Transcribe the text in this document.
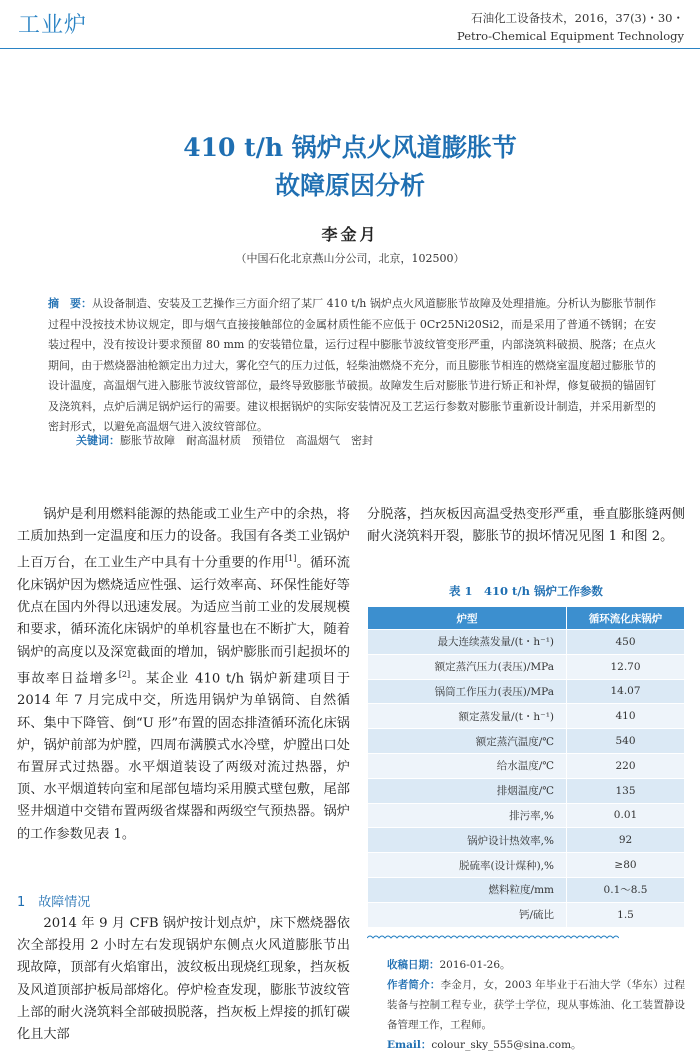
工业炉	石油化工设备技术，2016，37(3)・30・
Petro-Chemical Equipment Technology
410 t/h 锅炉点火风道膨胀节
故障原因分析
李金月
（中国石化北京燕山分公司，北京，102500）
摘　要：从设备制造、安装及工艺操作三方面介绍了某厂 410 t/h 锅炉点火风道膨胀节故障及处理措施。分析认为膨胀节制作过程中没按技术协议规定，即与烟气直接接触部位的金属材质性能不应低于 0Cr25Ni20Si2，而是采用了普通不锈钢；在安装过程中，没有按设计要求预留 80 mm 的安装错位量，运行过程中膨胀节波纹管变形严重，内部浇筑料破损、脱落；在点火期间，由于燃烧器油枪额定出力过大，雾化空气的压力过低，轻柴油燃烧不充分，而且膨胀节相连的燃烧室温度超过膨胀节的设计温度，高温烟气进入膨胀节波纹管部位，最终导致膨胀节破损。故障发生后对膨胀节进行矫正和补焊，修复破损的锚固钉及浇筑料，点炉后满足锅炉运行的需要。建议根据锅炉的实际安装情况及工艺运行参数对膨胀节重新设计制造，并采用新型的密封形式，以避免高温烟气进入波纹管部位。
关键词：膨胀节故障　耐高温材质　预错位　高温烟气　密封
锅炉是利用燃料能源的热能或工业生产中的余热，将工质加热到一定温度和压力的设备。我国有各类工业锅炉上百万台，在工业生产中具有十分重要的作用[1]。循环流化床锅炉因为燃烧适应性强、运行效率高、环保性能好等优点在国内外得以迅速发展。为适应当前工业的发展规模和要求，循环流化床锅炉的单机容量也在不断扩大，随着锅炉的高度以及深宽截面的增加，锅炉膨胀而引起损坏的事故率日益增多[2]。某企业 410 t/h 锅炉新建项目于 2014 年 7 月完成中交，所选用锅炉为单锅筒、自然循环、集中下降管、倒“U 形”布置的固态排渣循环流化床锅炉，锅炉前部为炉膛，四周布满膜式水冷壁，炉膛出口处布置屏式过热器。水平烟道装设了两级对流过热器，炉顶、水平烟道转向室和尾部包墙均采用膜式壁包敷，尾部竖井烟道中交错布置两级省煤器和两级空气预热器。锅炉的工作参数见表 1。
1　故障情况
2014 年 9 月 CFB 锅炉按计划点炉，床下燃烧器依次全部投用 2 小时左右发现锅炉东侧点火风道膨胀节出现故障，顶部有火焰窜出，波纹板出现烧红现象，挡灰板及风道顶部护板局部熔化。停炉检查发现，膨胀节波纹管上部的耐火浇筑料全部破损脱落，挡灰板上焊接的抓钉碳化且大部
分脱落，挡灰板因高温受热变形严重，垂直膨胀缝两侧耐火浇筑料开裂，膨胀节的损坏情况见图 1 和图 2。
表 1　410 t/h 锅炉工作参数
炉型	循环流化床锅炉
最大连续蒸发量/(t・h⁻¹)	450
额定蒸汽压力(表压)/MPa	12.70
锅筒工作压力(表压)/MPa	14.07
额定蒸发量/(t・h⁻¹)	410
额定蒸汽温度/℃	540
给水温度/℃	220
排烟温度/℃	135
排污率,%	0.01
锅炉设计热效率,%	92
脱硫率(设计煤种),%	≥80
燃料粒度/mm	0.1～8.5
钙/硫比	1.5
收稿日期：2016-01-26。
作者简介：李金月，女，2003 年毕业于石油大学（华东）过程装备与控制工程专业，获学士学位，现从事炼油、化工装置静设备管理工作，工程师。
Email：colour_sky_555@sina.com。
